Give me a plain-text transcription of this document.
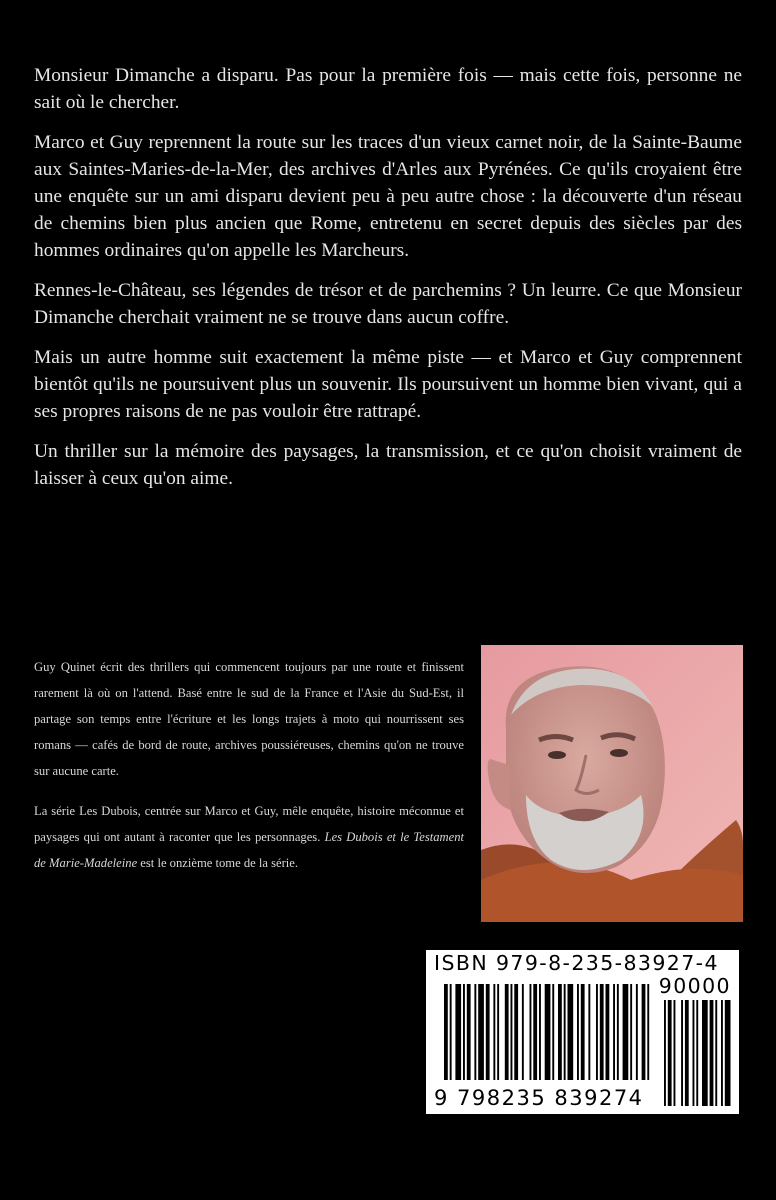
Monsieur Dimanche a disparu. Pas pour la première fois — mais cette fois, personne ne sait où le chercher.

Marco et Guy reprennent la route sur les traces d'un vieux carnet noir, de la Sainte-Baume aux Saintes-Maries-de-la-Mer, des archives d'Arles aux Pyrénées. Ce qu'ils croyaient être une enquête sur un ami disparu devient peu à peu autre chose : la découverte d'un réseau de chemins bien plus ancien que Rome, entretenu en secret depuis des siècles par des hommes ordinaires qu'on appelle les Marcheurs.

Rennes-le-Château, ses légendes de trésor et de parchemins ? Un leurre. Ce que Monsieur Dimanche cherchait vraiment ne se trouve dans aucun coffre.

Mais un autre homme suit exactement la même piste — et Marco et Guy comprennent bientôt qu'ils ne poursuivent plus un souvenir. Ils poursuivent un homme bien vivant, qui a ses propres raisons de ne pas vouloir être rattrapé.

Un thriller sur la mémoire des paysages, la transmission, et ce qu'on choisit vraiment de laisser à ceux qu'on aime.

Guy Quinet écrit des thrillers qui commencent toujours par une route et finissent rarement là où on l'attend. Basé entre le sud de la France et l'Asie du Sud-Est, il partage son temps entre l'écriture et les longs trajets à moto qui nourrissent ses romans — cafés de bord de route, archives poussiéreuses, chemins qu'on ne trouve sur aucune carte.

La série Les Dubois, centrée sur Marco et Guy, mêle enquête, histoire méconnue et paysages qui ont autant à raconter que les personnages. Les Dubois et le Testament de Marie-Madeleine est le onzième tome de la série.

ISBN 979-8-235-83927-4
90000
9 798235 839274
